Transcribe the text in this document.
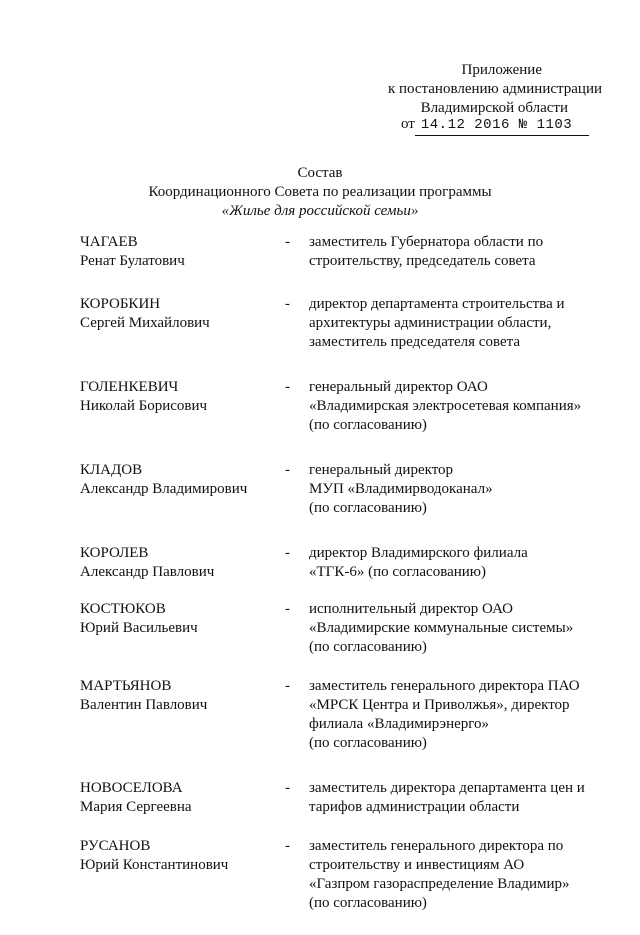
Приложение
к постановлению администрации
Владимирской области
от 14.12 2016 № 1103
Состав
Координационного Совета по реализации программы
«Жилье для российской семьи»
ЧАГАЕВ
Ренат Булатович
-	заместитель Губернатора области по
строительству, председатель совета
КОРОБКИН
Сергей Михайлович
-	директор департамента строительства и
архитектуры администрации области,
заместитель председателя совета
ГОЛЕНКЕВИЧ
Николай Борисович
-	генеральный директор ОАО
«Владимирская электросетевая компания»
(по согласованию)
КЛАДОВ
Александр Владимирович
-	генеральный директор
МУП «Владимирводоканал»
(по согласованию)
КОРОЛЕВ
Александр Павлович
-	директор Владимирского филиала
«ТГК-6» (по согласованию)
КОСТЮКОВ
Юрий Васильевич
-	исполнительный директор ОАО
«Владимирские коммунальные системы»
(по согласованию)
МАРТЬЯНОВ
Валентин Павлович
-	заместитель генерального директора ПАО
«МРСК Центра и Приволжья», директор
филиала «Владимирэнерго»
(по согласованию)
НОВОСЕЛОВА
Мария Сергеевна
-	заместитель директора департамента цен и
тарифов администрации области
РУСАНОВ
Юрий Константинович
-	заместитель генерального директора по
строительству и инвестициям АО
«Газпром газораспределение Владимир»
(по согласованию)
